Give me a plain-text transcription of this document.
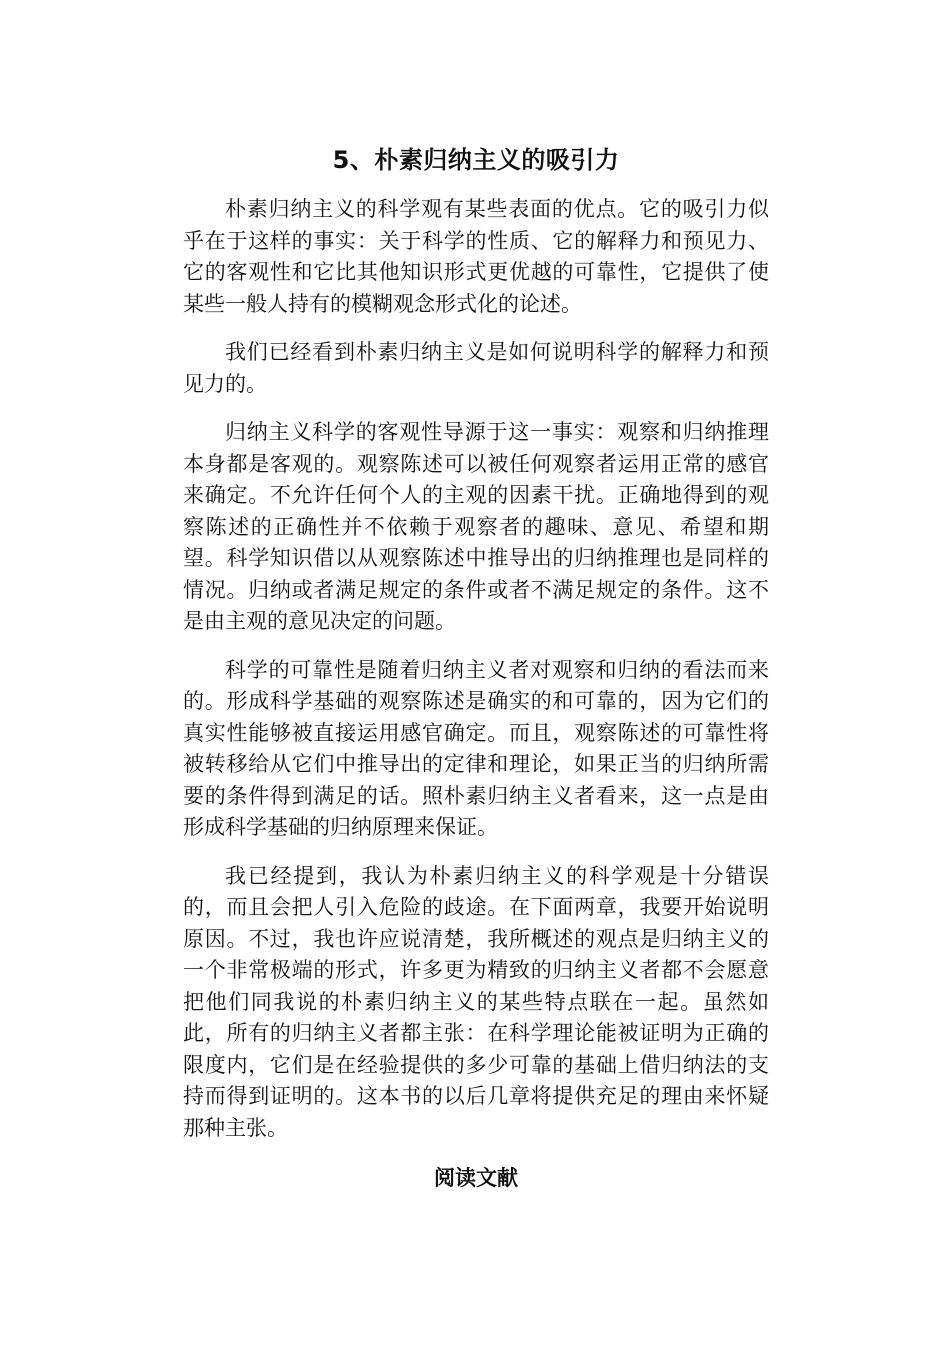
5、朴素归纳主义的吸引力

朴素归纳主义的科学观有某些表面的优点。它的吸引力似乎在于这样的事实：关于科学的性质、它的解释力和预见力、它的客观性和它比其他知识形式更优越的可靠性，它提供了使某些一般人持有的模糊观念形式化的论述。

我们已经看到朴素归纳主义是如何说明科学的解释力和预见力的。

归纳主义科学的客观性导源于这一事实：观察和归纳推理本身都是客观的。观察陈述可以被任何观察者运用正常的感官来确定。不允许任何个人的主观的因素干扰。正确地得到的观察陈述的正确性并不依赖于观察者的趣味、意见、希望和期望。科学知识借以从观察陈述中推导出的归纳推理也是同样的情况。归纳或者满足规定的条件或者不满足规定的条件。这不是由主观的意见决定的问题。

科学的可靠性是随着归纳主义者对观察和归纳的看法而来的。形成科学基础的观察陈述是确实的和可靠的，因为它们的真实性能够被直接运用感官确定。而且，观察陈述的可靠性将被转移给从它们中推导出的定律和理论，如果正当的归纳所需要的条件得到满足的话。照朴素归纳主义者看来，这一点是由形成科学基础的归纳原理来保证。

我已经提到，我认为朴素归纳主义的科学观是十分错误的，而且会把人引入危险的歧途。在下面两章，我要开始说明原因。不过，我也许应说清楚，我所概述的观点是归纳主义的一个非常极端的形式，许多更为精致的归纳主义者都不会愿意把他们同我说的朴素归纳主义的某些特点联在一起。虽然如此，所有的归纳主义者都主张：在科学理论能被证明为正确的限度内，它们是在经验提供的多少可靠的基础上借归纳法的支持而得到证明的。这本书的以后几章将提供充足的理由来怀疑那种主张。

阅读文献
